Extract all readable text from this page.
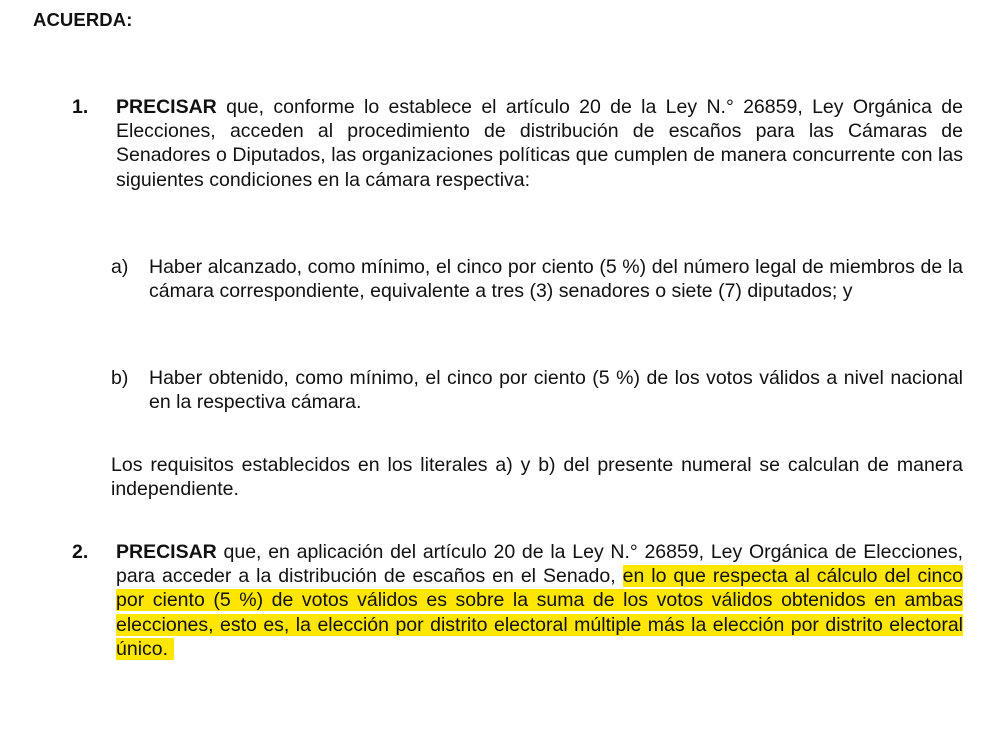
ACUERDA:
1. PRECISAR que, conforme lo establece el artículo 20 de la Ley N.° 26859, Ley Orgánica de Elecciones, acceden al procedimiento de distribución de escaños para las Cámaras de Senadores o Diputados, las organizaciones políticas que cumplen de manera concurrente con las siguientes condiciones en la cámara respectiva:
a) Haber alcanzado, como mínimo, el cinco por ciento (5 %) del número legal de miembros de la cámara correspondiente, equivalente a tres (3) senadores o siete (7) diputados; y
b) Haber obtenido, como mínimo, el cinco por ciento (5 %) de los votos válidos a nivel nacional en la respectiva cámara.
Los requisitos establecidos en los literales a) y b) del presente numeral se calculan de manera independiente.
2. PRECISAR que, en aplicación del artículo 20 de la Ley N.° 26859, Ley Orgánica de Elecciones, para acceder a la distribución de escaños en el Senado, en lo que respecta al cálculo del cinco por ciento (5 %) de votos válidos es sobre la suma de los votos válidos obtenidos en ambas elecciones, esto es, la elección por distrito electoral múltiple más la elección por distrito electoral único.
